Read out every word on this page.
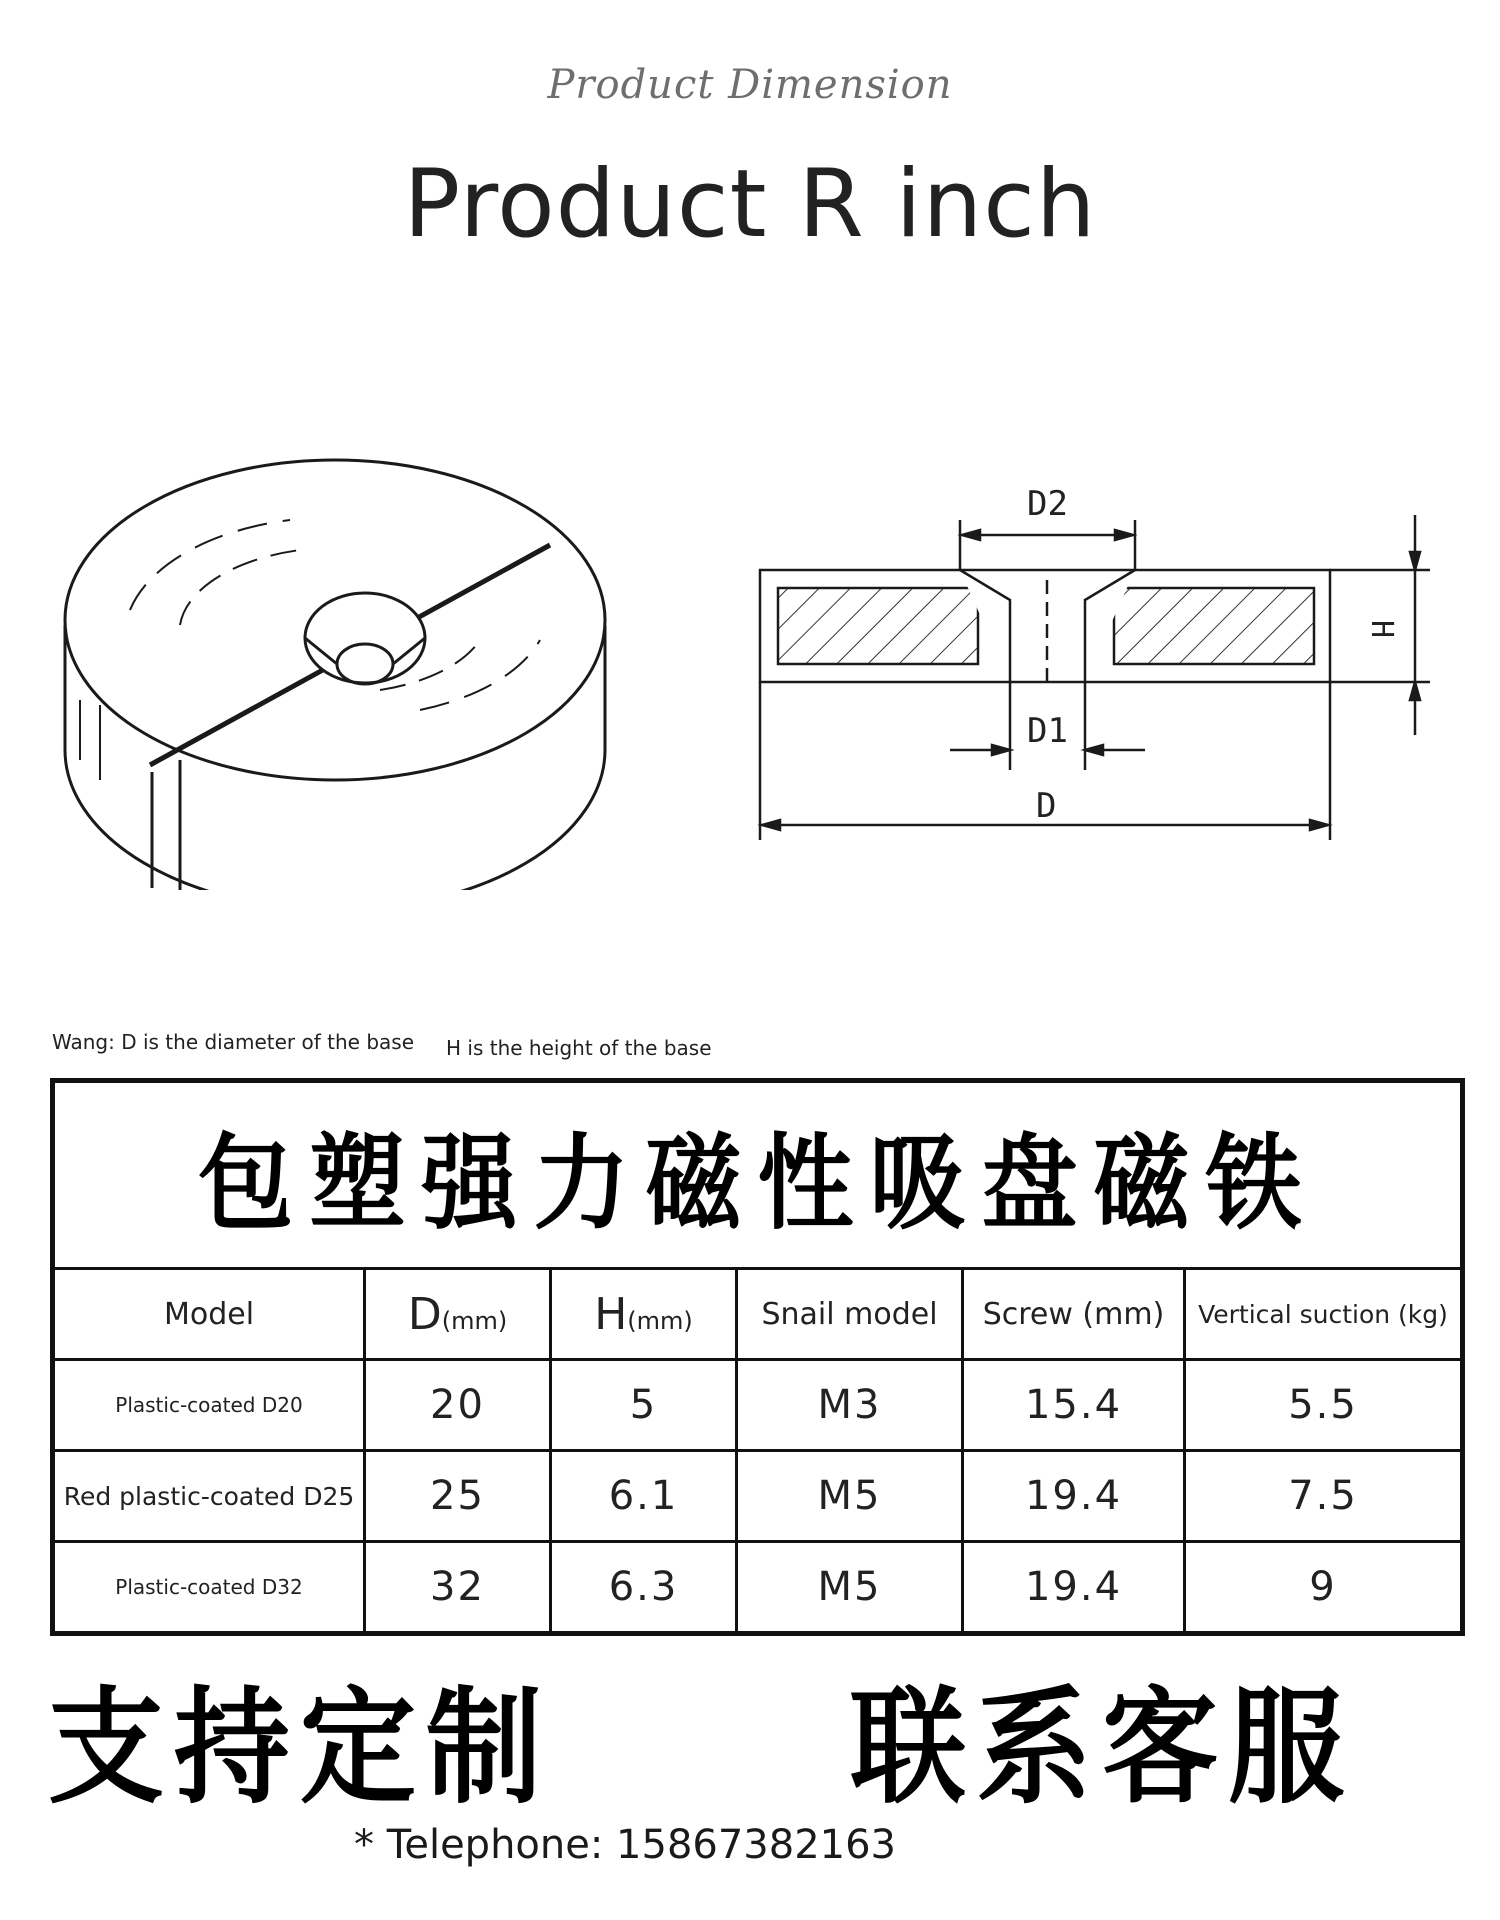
Product Dimension
Product R inch
D2
D1
D
H
Wang: D is the diameter of the base H is the height of the base
包塑强力磁性吸盘磁铁					
Model	D(mm)	H(mm)	Snail model	Screw (mm)	Vertical suction (kg)
Plastic-coated D20	20	5	M3	15.4	5.5
Red plastic-coated D25	25	6.1	M5	19.4	7.5
Plastic-coated D32	32	6.3	M5	19.4	9
支持定制	联系客服
* Telephone: 15867382163
